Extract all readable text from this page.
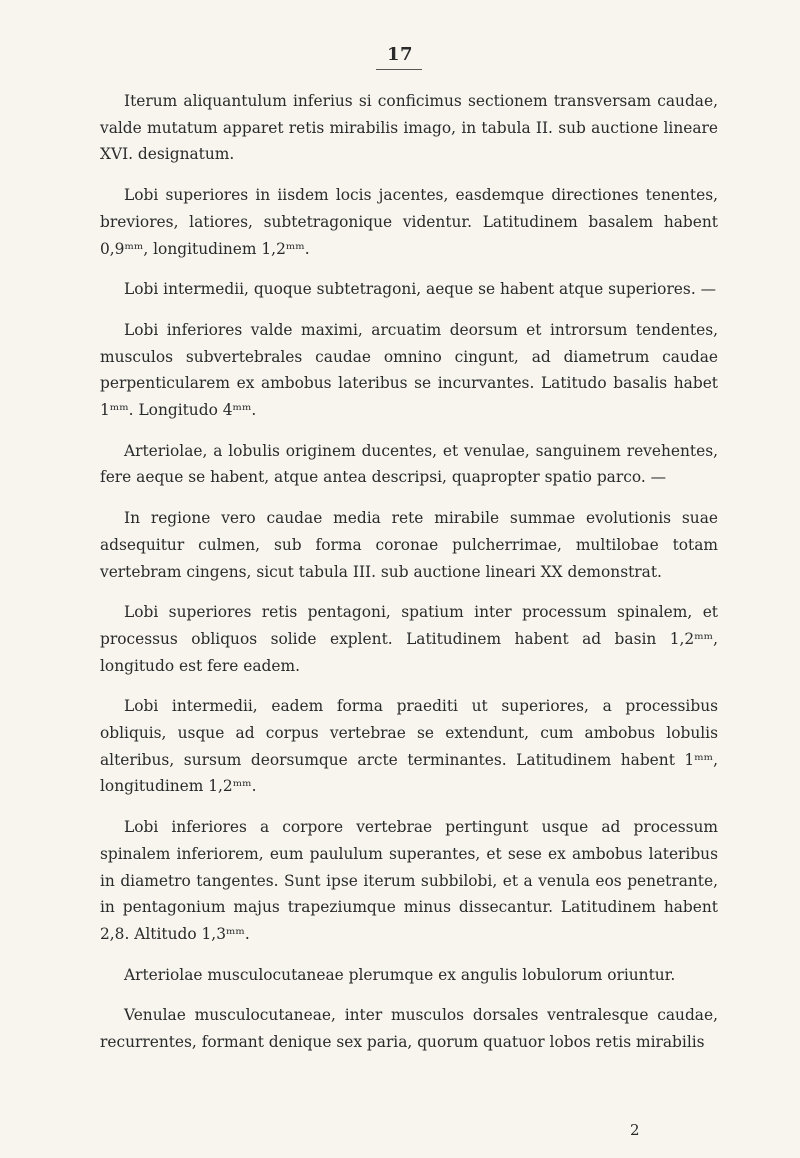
17

Iterum aliquantulum inferius si conficimus sectionem transversam caudae, valde mutatum apparet retis mirabilis imago, in tabula II. sub auctione lineare XVI. designatum.

Lobi superiores in iisdem locis jacentes, easdemque directiones tenentes, breviores, latiores, subtetragonique videntur. Latitudinem basalem habent 0,9ᵐᵐ, longitudinem 1,2ᵐᵐ.

Lobi intermedii, quoque subtetragoni, aeque se habent atque superiores. —

Lobi inferiores valde maximi, arcuatim deorsum et introrsum tendentes, musculos subvertebrales caudae omnino cingunt, ad diametrum caudae perpenticularem ex ambobus lateribus se incurvantes. Latitudo basalis habet 1ᵐᵐ. Longitudo 4ᵐᵐ.

Arteriolae, a lobulis originem ducentes, et venulae, sanguinem revehentes, fere aeque se habent, atque antea descripsi, quapropter spatio parco. —

In regione vero caudae media rete mirabile summae evolutionis suae adsequitur culmen, sub forma coronae pulcherrimae, multilobae totam vertebram cingens, sicut tabula III. sub auctione lineari XX demonstrat.

Lobi superiores retis pentagoni, spatium inter processum spinalem, et processus obliquos solide explent. Latitudinem habent ad basin 1,2ᵐᵐ, longitudo est fere eadem.

Lobi intermedii, eadem forma praediti ut superiores, a processibus obliquis, usque ad corpus vertebrae se extendunt, cum ambobus lobulis alteribus, sursum deorsumque arcte terminantes. Latitudinem habent 1ᵐᵐ, longitudinem 1,2ᵐᵐ.

Lobi inferiores a corpore vertebrae pertingunt usque ad processum spinalem inferiorem, eum paululum superantes, et sese ex ambobus lateribus in diametro tangentes. Sunt ipse iterum subbilobi, et a venula eos penetrante, in pentagonium majus trapeziumque minus dissecantur. Latitudinem habent 2,8. Altitudo 1,3ᵐᵐ.

Arteriolae musculocutaneae plerumque ex angulis lobulorum oriuntur.

Venulae musculocutaneae, inter musculos dorsales ventralesque caudae, recurrentes, formant denique sex paria, quorum quatuor lobos retis mirabilis

2
